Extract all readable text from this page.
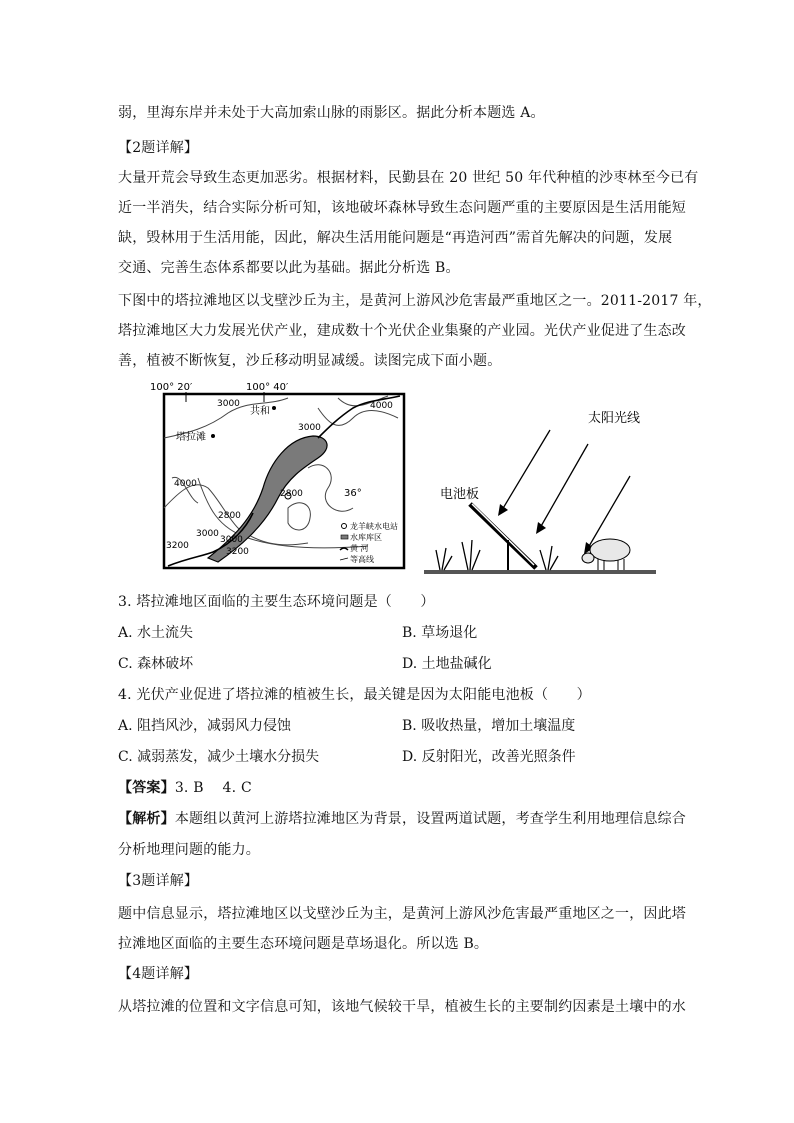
弱，里海东岸并未处于大高加索山脉的雨影区。据此分析本题选 A。
【2题详解】
大量开荒会导致生态更加恶劣。根据材料，民勤县在 20 世纪 50 年代种植的沙枣林至今已有
近一半消失，结合实际分析可知，该地破坏森林导致生态问题严重的主要原因是生活用能短
缺，毁林用于生活用能，因此，解决生活用能问题是“再造河西”需首先解决的问题，发展
交通、完善生态体系都要以此为基础。据此分析选 B。
下图中的塔拉滩地区以戈壁沙丘为主，是黄河上游风沙危害最严重地区之一。2011-2017 年，
塔拉滩地区大力发展光伏产业，建成数十个光伏企业集聚的产业园。光伏产业促进了生态改
善，植被不断恢复，沙丘移动明显减缓。读图完成下面小题。
100° 20′	100° 40′
共和
塔拉滩
3000
3000
3000
2800
2800
3200
3000
3200
4000
4000
36°
龙羊峡水电站
水库库区
黄 河
等高线
太阳光线
电池板
3. 塔拉滩地区面临的主要生态环境问题是（　　）
A. 水土流失	B. 草场退化
C. 森林破坏	D. 土地盐碱化
4. 光伏产业促进了塔拉滩的植被生长，最关键是因为太阳能电池板（　　）
A. 阻挡风沙，减弱风力侵蚀	B. 吸收热量，增加土壤温度
C. 减弱蒸发，减少土壤水分损失	D. 反射阳光，改善光照条件
【答案】3. B　 4. C
【解析】本题组以黄河上游塔拉滩地区为背景，设置两道试题，考查学生利用地理信息综合
分析地理问题的能力。
【3题详解】
题中信息显示，塔拉滩地区以戈壁沙丘为主，是黄河上游风沙危害最严重地区之一，因此塔
拉滩地区面临的主要生态环境问题是草场退化。所以选 B。
【4题详解】
从塔拉滩的位置和文字信息可知，该地气候较干旱，植被生长的主要制约因素是土壤中的水
